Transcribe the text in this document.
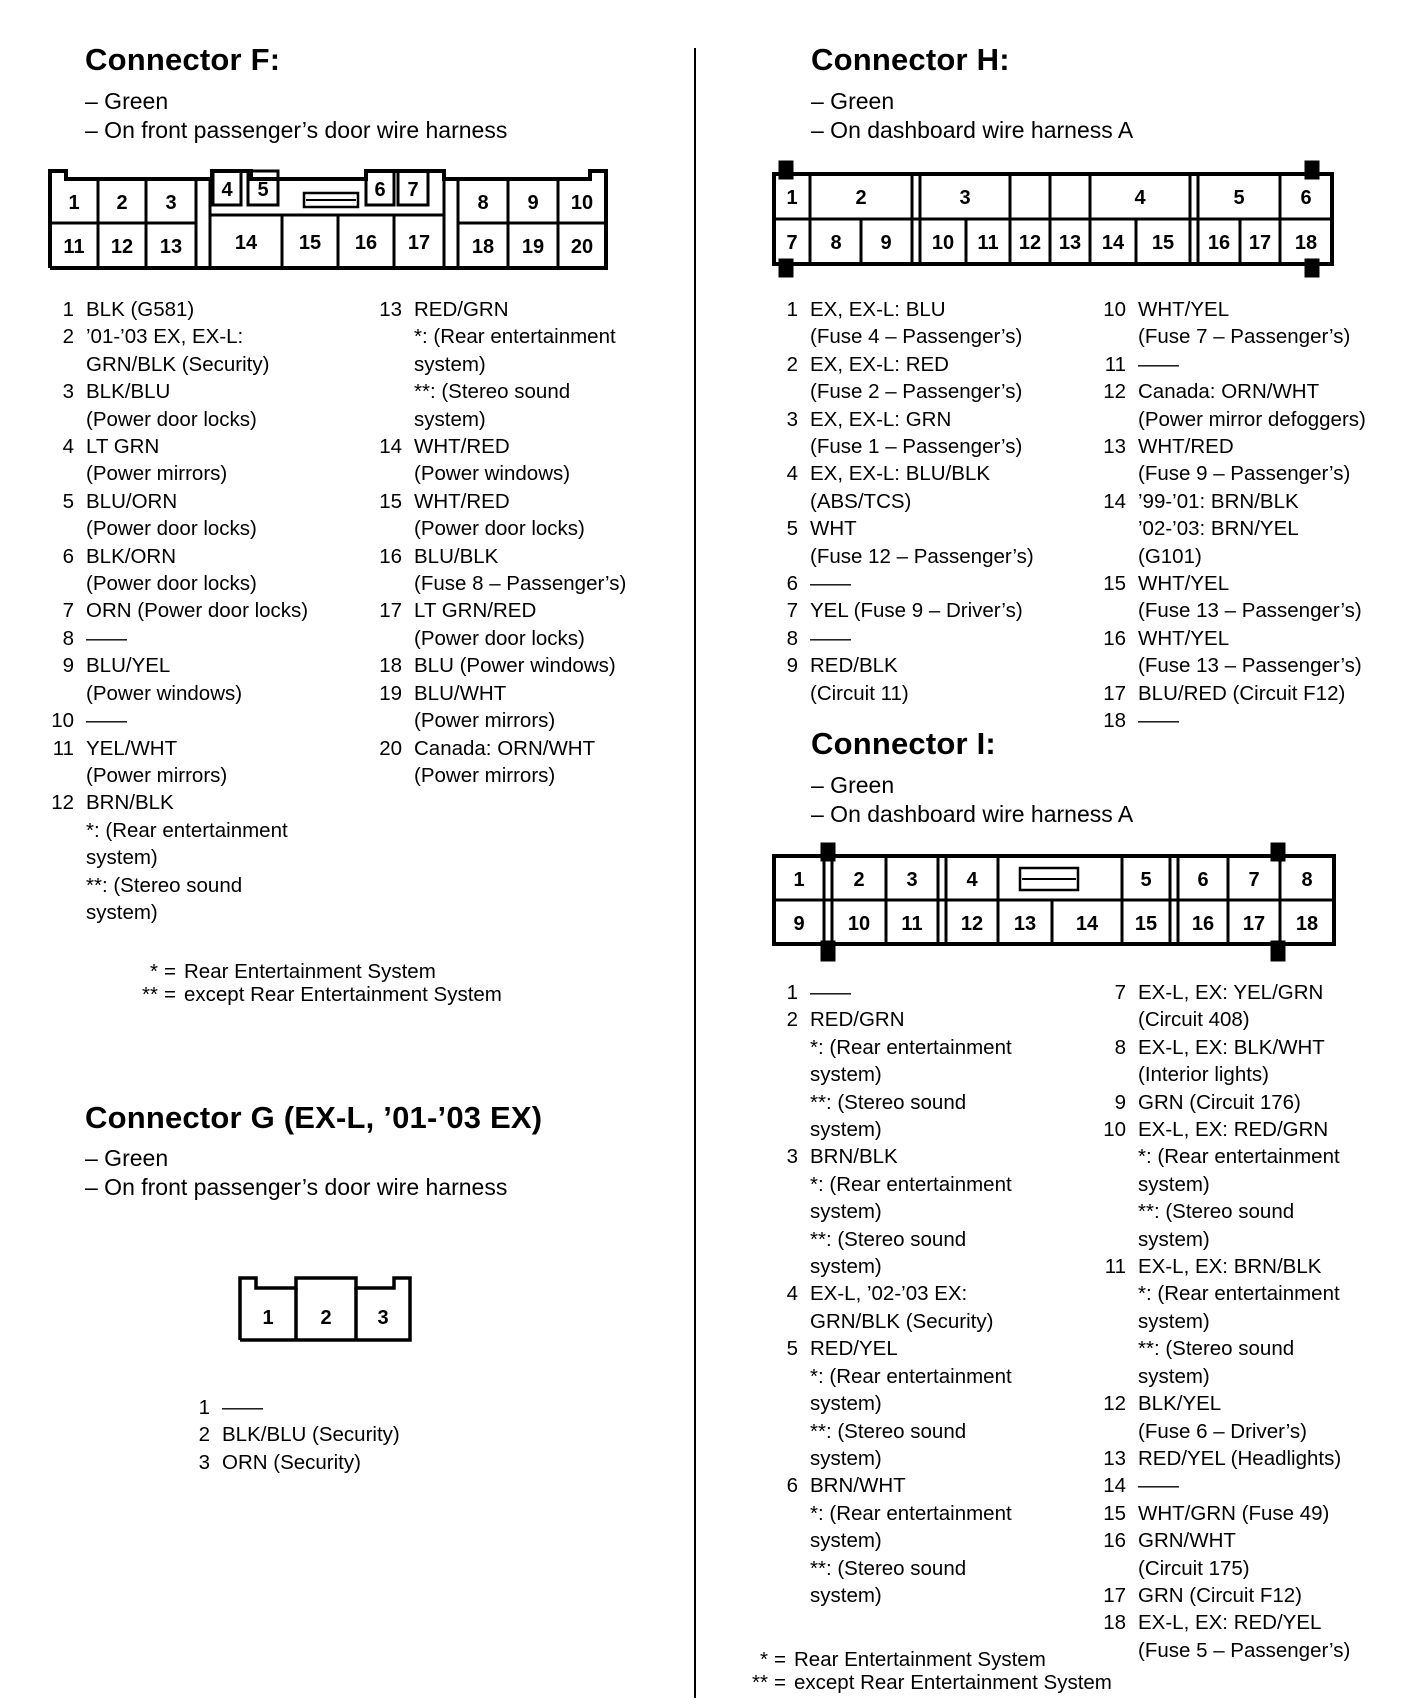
Connector F:
– Green
– On front passenger’s door wire harness
1 2 3
4 5	6 7
8 9 10
11 12 13	14 15 16 17 18 19 20
1 BLK (G581)
2 ’01-’03 EX, EX-L:
GRN/BLK (Security)
3 BLK/BLU
(Power door locks)
4 LT GRN
(Power mirrors)
5 BLU/ORN
(Power door locks)
6 BLK/ORN
(Power door locks)
7 ORN (Power door locks)
8 ——
9 BLU/YEL
(Power windows)
10 ——
11 YEL/WHT
(Power mirrors)
12 BRN/BLK
*: (Rear entertainment
system)
**: (Stereo sound
system)
13 RED/GRN
*: (Rear entertainment
system)
**: (Stereo sound
system)
14 WHT/RED
(Power windows)
15 WHT/RED
(Power door locks)
16 BLU/BLK
(Fuse 8 – Passenger’s)
17 LT GRN/RED
(Power door locks)
18 BLU (Power windows)
19 BLU/WHT
(Power mirrors)
20 Canada: ORN/WHT
(Power mirrors)
* = Rear Entertainment System
** = except Rear Entertainment System
Connector G (EX-L, ’01-’03 EX)
– Green
– On front passenger’s door wire harness
1 2 3
1 ——
2 BLK/BLU (Security)
3 ORN (Security)
Connector H:
– Green
– On dashboard wire harness A
1	2	3	4	5	6
7 8 9 10 11 12 13 14 15 16 17 18
1 EX, EX-L: BLU
(Fuse 4 – Passenger’s)
2 EX, EX-L: RED
(Fuse 2 – Passenger’s)
3 EX, EX-L: GRN
(Fuse 1 – Passenger’s)
4 EX, EX-L: BLU/BLK
(ABS/TCS)
5 WHT
(Fuse 12 – Passenger’s)
6 ——
7 YEL (Fuse 9 – Driver’s)
8 ——
9 RED/BLK
(Circuit 11)
10 WHT/YEL
(Fuse 7 – Passenger’s)
11 ——
12 Canada: ORN/WHT
(Power mirror defoggers)
13 WHT/RED
(Fuse 9 – Passenger’s)
14 ’99-’01: BRN/BLK
’02-’03: BRN/YEL
(G101)
15 WHT/YEL
(Fuse 13 – Passenger’s)
16 WHT/YEL
(Fuse 13 – Passenger’s)
17 BLU/RED (Circuit F12)
18 ——
Connector I:
– Green
– On dashboard wire harness A
1 2 3 4	5 6 7 8
9 10 11 12 13 14 15 16 17 18
1 ——
2 RED/GRN
*: (Rear entertainment
system)
**: (Stereo sound
system)
3 BRN/BLK
*: (Rear entertainment
system)
**: (Stereo sound
system)
4 EX-L, ’02-’03 EX:
GRN/BLK (Security)
5 RED/YEL
*: (Rear entertainment
system)
**: (Stereo sound
system)
6 BRN/WHT
*: (Rear entertainment
system)
**: (Stereo sound
system)
7 EX-L, EX: YEL/GRN
(Circuit 408)
8 EX-L, EX: BLK/WHT
(Interior lights)
9 GRN (Circuit 176)
10 EX-L, EX: RED/GRN
*: (Rear entertainment
system)
**: (Stereo sound
system)
11 EX-L, EX: BRN/BLK
*: (Rear entertainment
system)
**: (Stereo sound
system)
12 BLK/YEL
(Fuse 6 – Driver’s)
13 RED/YEL (Headlights)
14 ——
15 WHT/GRN (Fuse 49)
16 GRN/WHT
(Circuit 175)
17 GRN (Circuit F12)
18 EX-L, EX: RED/YEL
(Fuse 5 – Passenger’s)
* = Rear Entertainment System
** = except Rear Entertainment System
